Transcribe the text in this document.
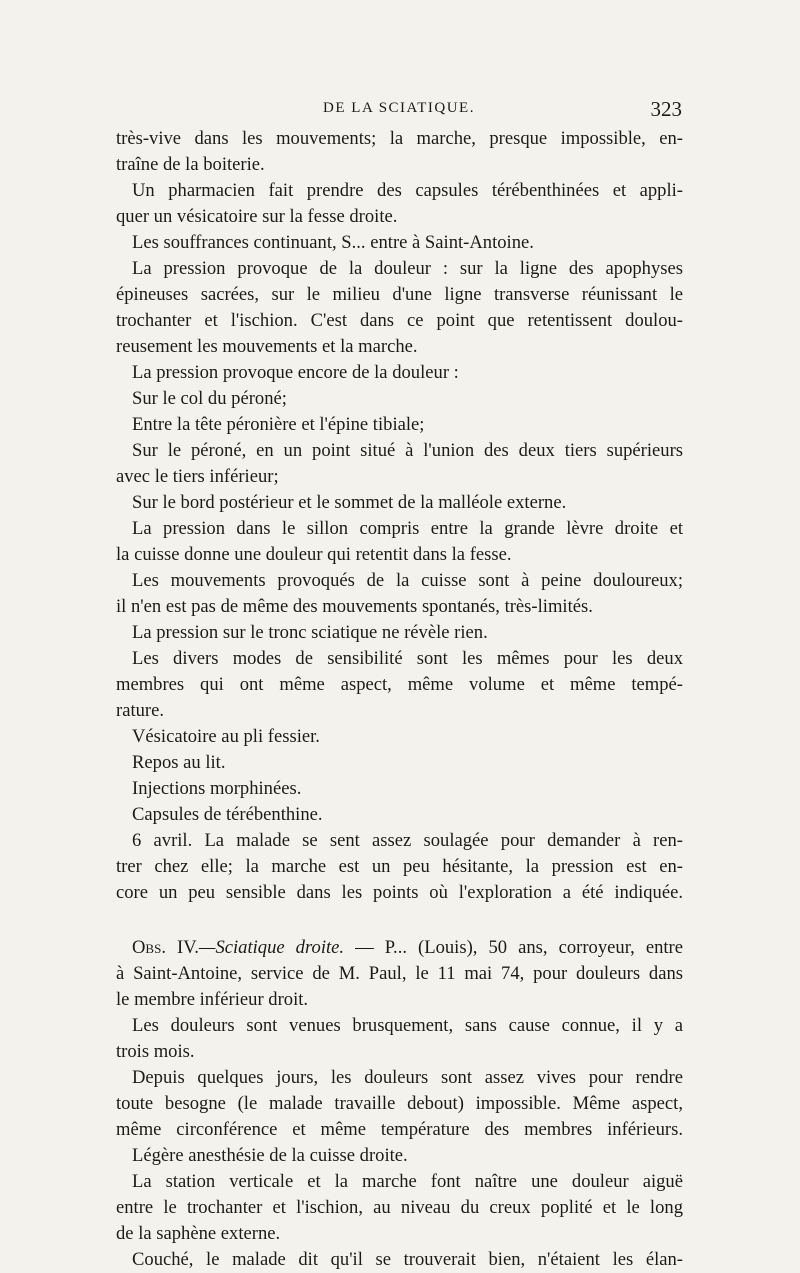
DE LA SCIATIQUE.	323
très-vive dans les mouvements; la marche, presque impossible, en-
traîne de la boiterie.
Un pharmacien fait prendre des capsules térébenthinées et appli-
quer un vésicatoire sur la fesse droite.
Les souffrances continuant, S... entre à Saint-Antoine.
La pression provoque de la douleur : sur la ligne des apophyses
épineuses sacrées, sur le milieu d'une ligne transverse réunissant le
trochanter et l'ischion. C'est dans ce point que retentissent doulou-
reusement les mouvements et la marche.
La pression provoque encore de la douleur :
Sur le col du péroné;
Entre la tête péronière et l'épine tibiale;
Sur le péroné, en un point situé à l'union des deux tiers supérieurs
avec le tiers inférieur;
Sur le bord postérieur et le sommet de la malléole externe.
La pression dans le sillon compris entre la grande lèvre droite et
la cuisse donne une douleur qui retentit dans la fesse.
Les mouvements provoqués de la cuisse sont à peine douloureux;
il n'en est pas de même des mouvements spontanés, très-limités.
La pression sur le tronc sciatique ne révèle rien.
Les divers modes de sensibilité sont les mêmes pour les deux
membres qui ont même aspect, même volume et même tempé-
rature.
Vésicatoire au pli fessier.
Repos au lit.
Injections morphinées.
Capsules de térébenthine.
6 avril. La malade se sent assez soulagée pour demander à ren-
trer chez elle; la marche est un peu hésitante, la pression est en-
core un peu sensible dans les points où l'exploration a été indiquée.
Obs. IV.—Sciatique droite. — P... (Louis), 50 ans, corroyeur, entre
à Saint-Antoine, service de M. Paul, le 11 mai 74, pour douleurs dans
le membre inférieur droit.
Les douleurs sont venues brusquement, sans cause connue, il y a
trois mois.
Depuis quelques jours, les douleurs sont assez vives pour rendre
toute besogne (le malade travaille debout) impossible. Même aspect,
même circonférence et même température des membres inférieurs.
Légère anesthésie de la cuisse droite.
La station verticale et la marche font naître une douleur aiguë
entre le trochanter et l'ischion, au niveau du creux poplité et le long
de la saphène externe.
Couché, le malade dit qu'il se trouverait bien, n'étaient les élan-
